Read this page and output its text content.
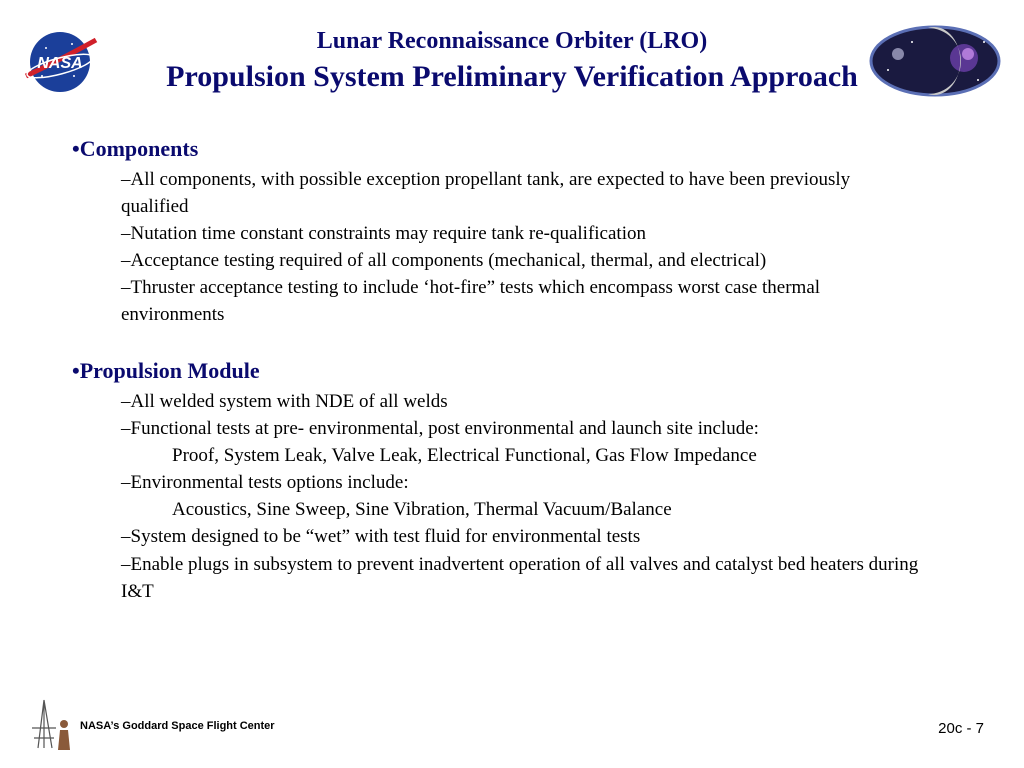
NASA
Lunar Reconnaissance Orbiter (LRO)
Propulsion System Preliminary Verification Approach
•Components
–All components, with possible exception propellant tank, are expected to have been previously qualified
–Nutation time constant constraints may require tank re-qualification
–Acceptance testing required of all components (mechanical, thermal, and electrical)
–Thruster acceptance testing to include ‘hot-fire” tests which encompass worst case thermal environments
•Propulsion Module
–All welded system with NDE of all welds
–Functional tests at pre- environmental, post environmental and launch site include:
Proof, System Leak, Valve Leak, Electrical Functional, Gas Flow Impedance
–Environmental tests options include:
Acoustics, Sine Sweep, Sine Vibration, Thermal Vacuum/Balance
–System designed to be “wet” with test fluid for environmental tests
–Enable plugs in subsystem to prevent inadvertent operation of all valves and catalyst bed heaters during I&T
NASA’s Goddard Space Flight Center	20c - 7
